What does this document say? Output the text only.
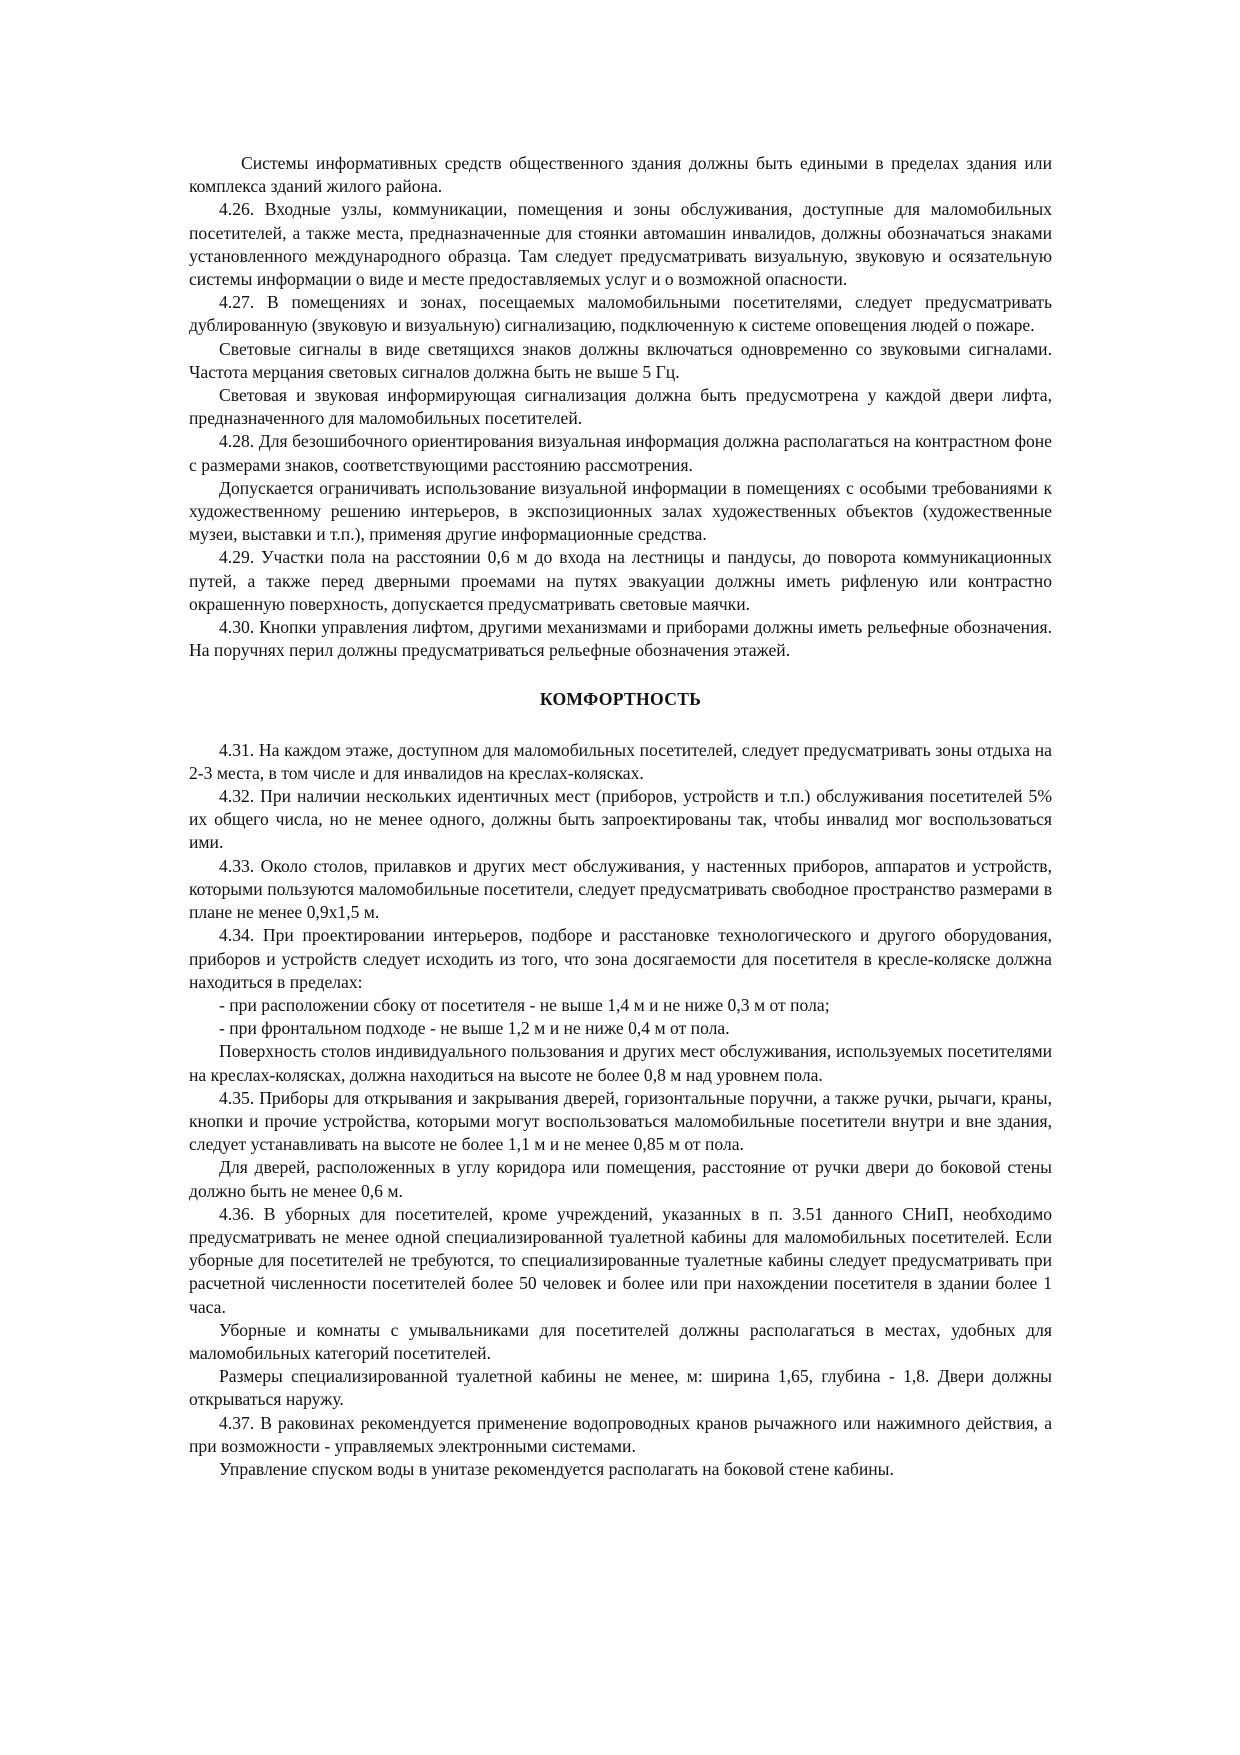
Системы информативных средств общественного здания должны быть едиными в пределах здания или комплекса зданий жилого района.

4.26. Входные узлы, коммуникации, помещения и зоны обслуживания, доступные для маломобильных посетителей, а также места, предназначенные для стоянки автомашин инвалидов, должны обозначаться знаками установленного международного образца. Там следует предусматривать визуальную, звуковую и осязательную системы информации о виде и месте предоставляемых услуг и о возможной опасности.

4.27. В помещениях и зонах, посещаемых маломобильными посетителями, следует предусматривать дублированную (звуковую и визуальную) сигнализацию, подключенную к системе оповещения людей о пожаре.

Световые сигналы в виде светящихся знаков должны включаться одновременно со звуковыми сигналами. Частота мерцания световых сигналов должна быть не выше 5 Гц.

Световая и звуковая информирующая сигнализация должна быть предусмотрена у каждой двери лифта, предназначенного для маломобильных посетителей.

4.28. Для безошибочного ориентирования визуальная информация должна располагаться на контрастном фоне с размерами знаков, соответствующими расстоянию рассмотрения.

Допускается ограничивать использование визуальной информации в помещениях с особыми требованиями к художественному решению интерьеров, в экспозиционных залах художественных объектов (художественные музеи, выставки и т.п.), применяя другие информационные средства.

4.29. Участки пола на расстоянии 0,6 м до входа на лестницы и пандусы, до поворота коммуникационных путей, а также перед дверными проемами на путях эвакуации должны иметь рифленую или контрастно окрашенную поверхность, допускается предусматривать световые маячки.

4.30. Кнопки управления лифтом, другими механизмами и приборами должны иметь рельефные обозначения. На поручнях перил должны предусматриваться рельефные обозначения этажей.

КОМФОРТНОСТЬ

4.31. На каждом этаже, доступном для маломобильных посетителей, следует предусматривать зоны отдыха на 2-3 места, в том числе и для инвалидов на креслах-колясках.

4.32. При наличии нескольких идентичных мест (приборов, устройств и т.п.) обслуживания посетителей 5% их общего числа, но не менее одного, должны быть запроектированы так, чтобы инвалид мог воспользоваться ими.

4.33. Около столов, прилавков и других мест обслуживания, у настенных приборов, аппаратов и устройств, которыми пользуются маломобильные посетители, следует предусматривать свободное пространство размерами в плане не менее 0,9х1,5 м.

4.34. При проектировании интерьеров, подборе и расстановке технологического и другого оборудования, приборов и устройств следует исходить из того, что зона досягаемости для посетителя в кресле-коляске должна находиться в пределах:

- при расположении сбоку от посетителя - не выше 1,4 м и не ниже 0,3 м от пола;

- при фронтальном подходе - не выше 1,2 м и не ниже 0,4 м от пола.

Поверхность столов индивидуального пользования и других мест обслуживания, используемых посетителями на креслах-колясках, должна находиться на высоте не более 0,8 м над уровнем пола.

4.35. Приборы для открывания и закрывания дверей, горизонтальные поручни, а также ручки, рычаги, краны, кнопки и прочие устройства, которыми могут воспользоваться маломобильные посетители внутри и вне здания, следует устанавливать на высоте не более 1,1 м и не менее 0,85 м от пола.

Для дверей, расположенных в углу коридора или помещения, расстояние от ручки двери до боковой стены должно быть не менее 0,6 м.

4.36. В уборных для посетителей, кроме учреждений, указанных в п. 3.51 данного СНиП, необходимо предусматривать не менее одной специализированной туалетной кабины для маломобильных посетителей. Если уборные для посетителей не требуются, то специализированные туалетные кабины следует предусматривать при расчетной численности посетителей более 50 человек и более или при нахождении посетителя в здании более 1 часа.

Уборные и комнаты с умывальниками для посетителей должны располагаться в местах, удобных для маломобильных категорий посетителей.

Размеры специализированной туалетной кабины не менее, м: ширина 1,65, глубина - 1,8. Двери должны открываться наружу.

4.37. В раковинах рекомендуется применение водопроводных кранов рычажного или нажимного действия, а при возможности - управляемых электронными системами.

Управление спуском воды в унитазе рекомендуется располагать на боковой стене кабины.
